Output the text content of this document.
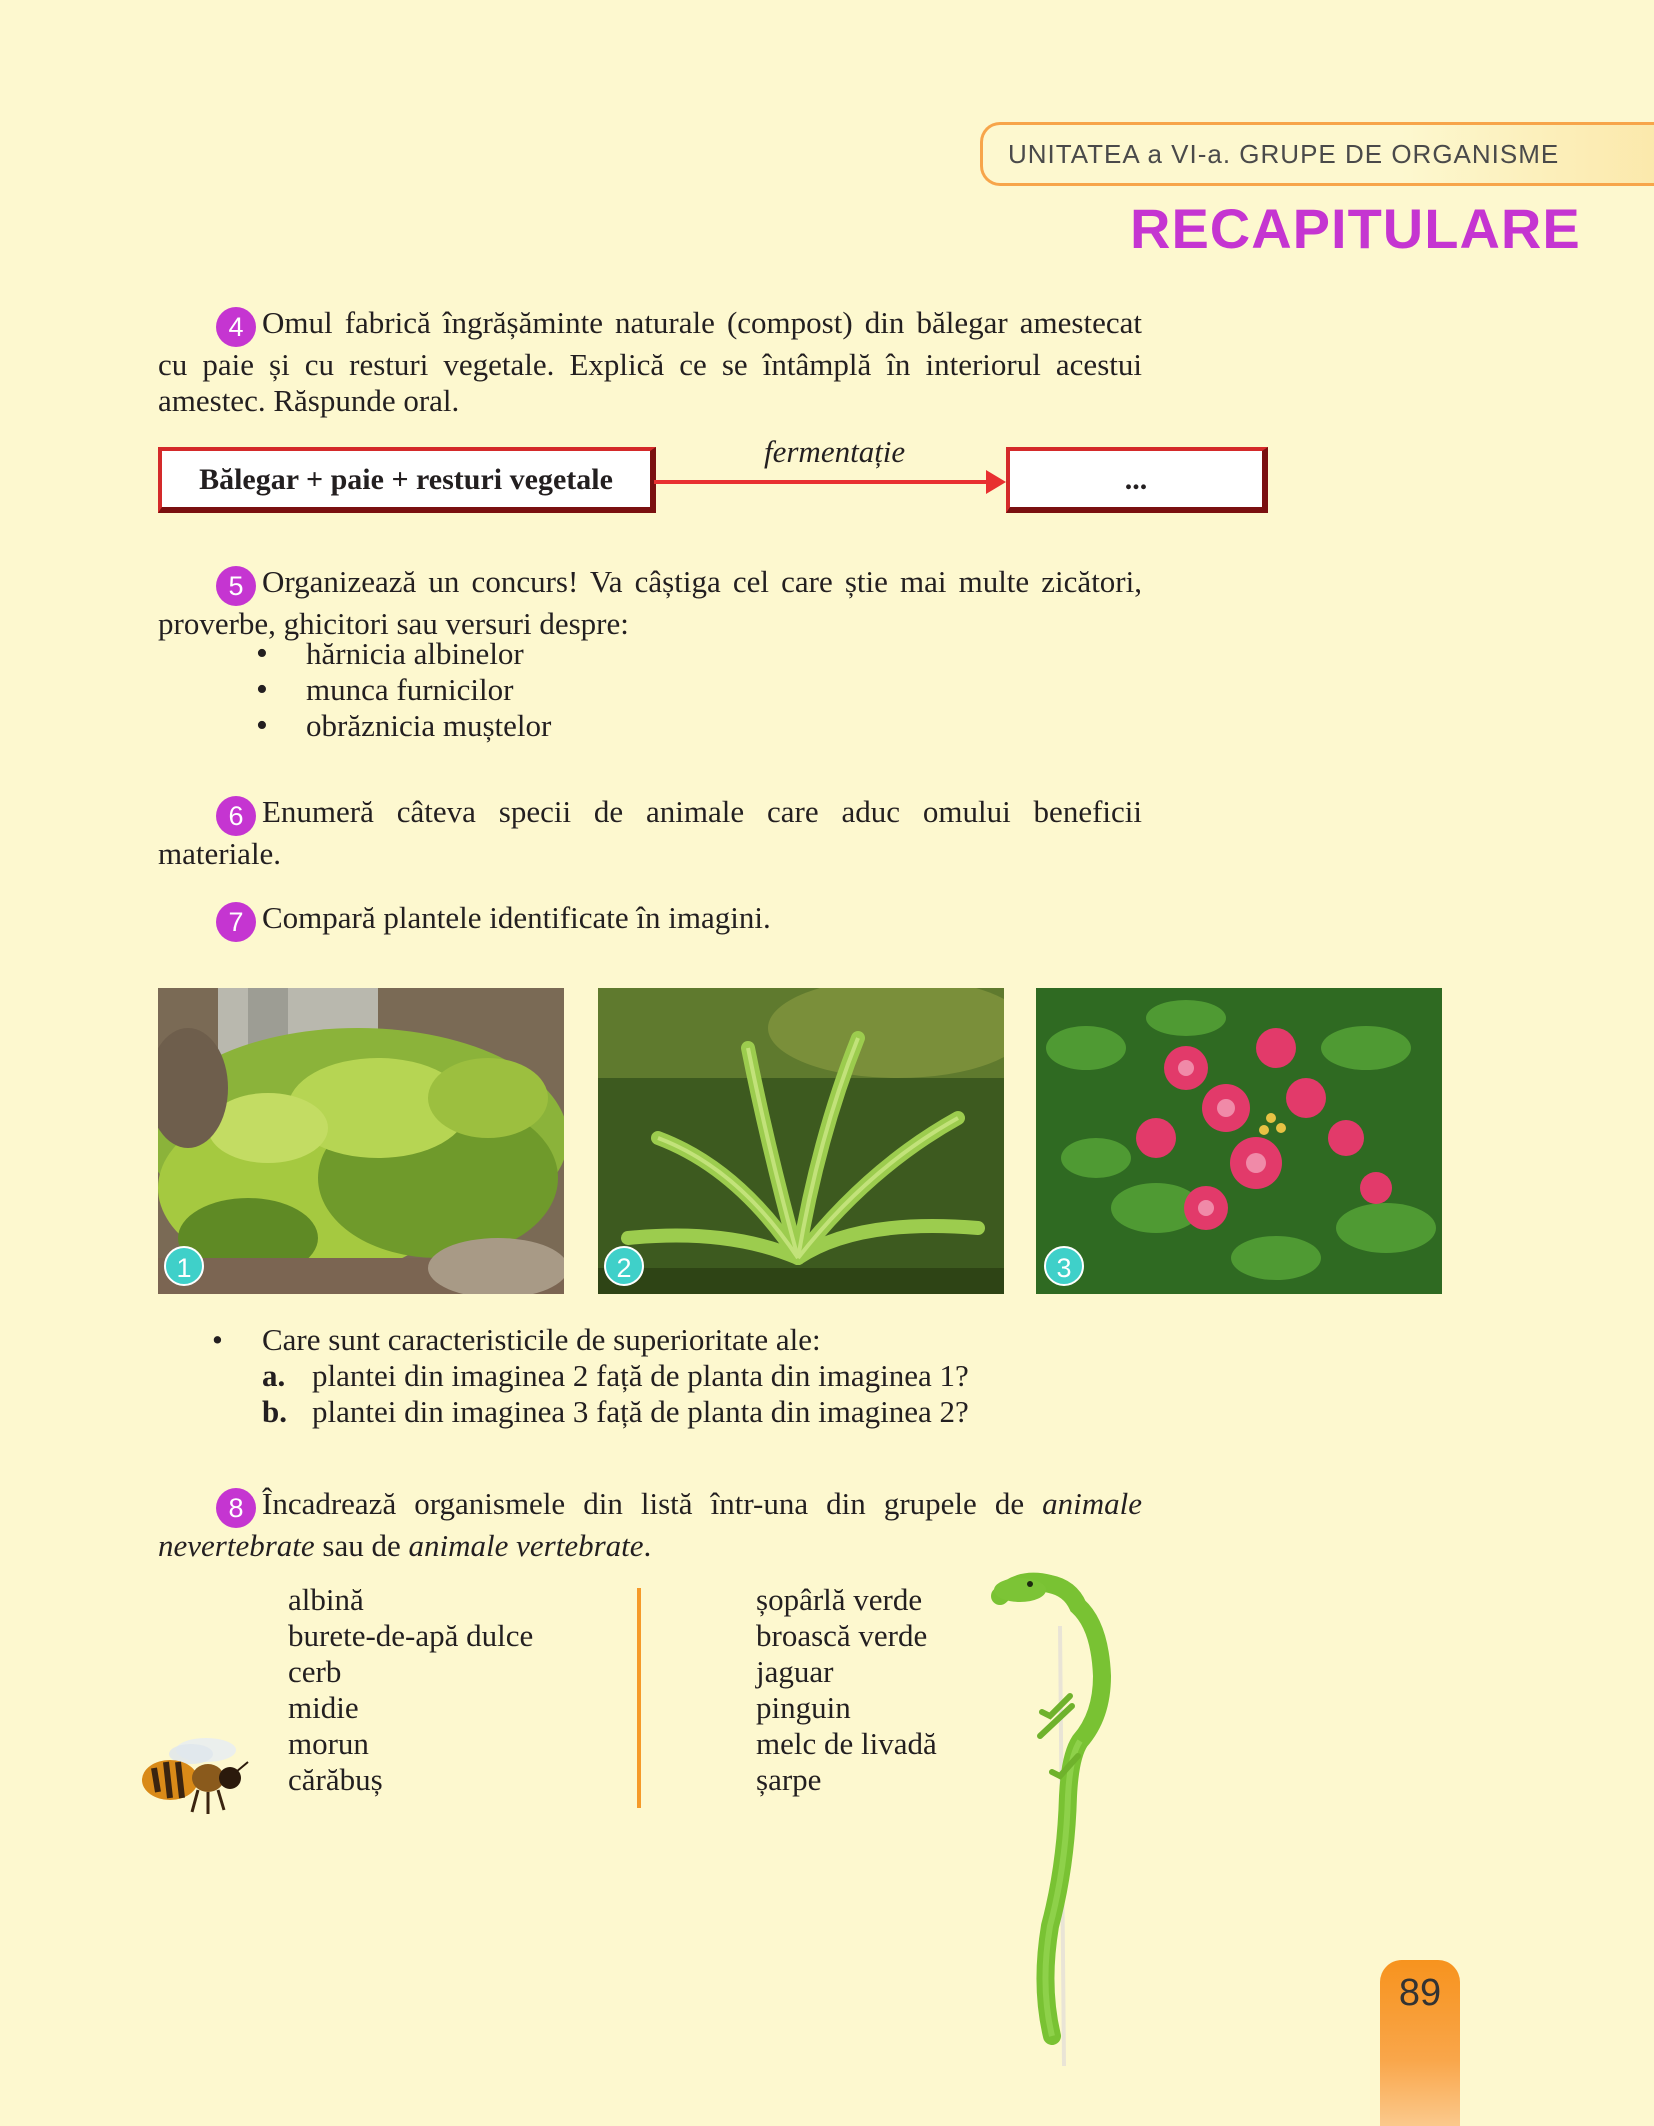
UNITATEA a VI-a. GRUPE DE ORGANISME
RECAPITULARE
4 Omul fabrică îngrășăminte naturale (compost) din bălegar amestecat cu paie și cu resturi vegetale. Explică ce se întâmplă în interiorul acestui amestec. Răspunde oral.
Bălegar + paie + resturi vegetale
fermentație
...
5 Organizează un concurs! Va câștiga cel care știe mai multe zicători, proverbe, ghicitori sau versuri despre:
• hărnicia albinelor
• munca furnicilor
• obrăznicia muștelor
6 Enumeră câteva specii de animale care aduc omului beneficii materiale.
7 Compară plantele identificate în imagini.
1	2	3
• Care sunt caracteristicile de superioritate ale:
a. plantei din imaginea 2 față de planta din imaginea 1?
b. plantei din imaginea 3 față de planta din imaginea 2?
8 Încadrează organismele din listă într-una din grupele de animale nevertebrate sau de animale vertebrate.
albină
burete-de-apă dulce
cerb
midie
morun
cărăbuș
șopârlă verde
broască verde
jaguar
pinguin
melc de livadă
șarpe
89
